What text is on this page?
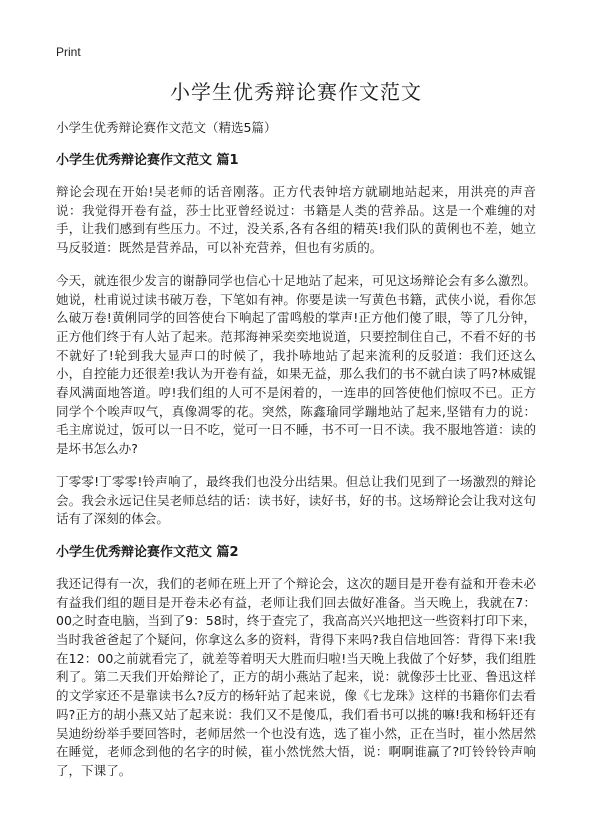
Print

小学生优秀辩论赛作文范文

小学生优秀辩论赛作文范文（精选5篇）

小学生优秀辩论赛作文范文 篇1

辩论会现在开始!吴老师的话音刚落。正方代表钟培方就刷地站起来，用洪亮的声音说：我觉得开卷有益，莎士比亚曾经说过：书籍是人类的营养品。这是一个难缠的对手，让我们感到有些压力。不过，没关系,各有各组的精英!我们队的黄俐也不差，她立马反驳道：既然是营养品，可以补充营养，但也有劣质的。

今天，就连很少发言的谢静同学也信心十足地站了起来，可见这场辩论会有多么激烈。她说，杜甫说过读书破万卷，下笔如有神。你要是读一写黄色书籍，武侠小说，看你怎么破万卷!黄俐同学的回答使台下响起了雷鸣般的掌声!正方他们傻了眼，等了几分钟，正方他们终于有人站了起来。范邦海神采奕奕地说道，只要控制住自己，不看不好的书不就好了!轮到我大显声口的时候了，我扑哧地站了起来流利的反驳道：我们还这么小，自控能力还很差!我认为开卷有益，如果无益，那么我们的书不就白读了吗?林威锟春风满面地答道。哼!我们组的人可不是闲着的，一连串的回答使他们惊叹不已。正方同学个个唉声叹气，真像凋零的花。突然，陈鑫瑜同学蹦地站了起来,坚错有力的说：毛主席说过，饭可以一日不吃，觉可一日不睡，书不可一日不读。我不服地答道：读的是坏书怎么办?

丁零零!丁零零!铃声响了，最终我们也没分出结果。但总让我们见到了一场激烈的辩论会。我会永远记住吴老师总结的话：读书好，读好书，好的书。这场辩论会让我对这句话有了深刻的体会。

小学生优秀辩论赛作文范文 篇2

我还记得有一次，我们的老师在班上开了个辩论会，这次的题目是开卷有益和开卷未必有益我们组的题目是开卷未必有益，老师让我们回去做好准备。当天晚上，我就在7：00之时查电脑，当到了9：58时，终于查完了，我高高兴兴地把这一些资料打印下来，当时我爸爸起了个疑问，你拿这么多的资料，背得下来吗?我自信地回答：背得下来!我在12：00之前就看完了，就差等着明天大胜而归啦!当天晚上我做了个好梦，我们组胜利了。第二天我们开始辩论了，正方的胡小燕站了起来，说：就像莎士比亚、鲁迅这样的文学家还不是靠读书么?反方的杨轩站了起来说，像《七龙珠》这样的书籍你们去看吗?正方的胡小燕又站了起来说：我们又不是傻瓜，我们看书可以挑的嘛!我和杨轩还有吴迪纷纷举手要回答时，老师居然一个也没有选，选了崔小然，正在当时，崔小然居然在睡觉，老师念到他的名字的时候，崔小然恍然大悟，说：啊啊谁赢了?叮铃铃铃声响了，下课了。
